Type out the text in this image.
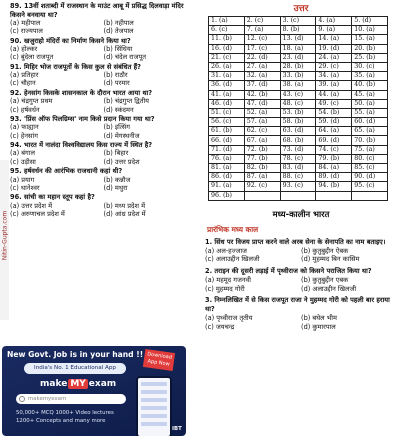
Nitin-Gupta.com
89. 13वीं शताब्दी में राजस्थान के माउंट आबू में प्रसिद्ध दिलवाड़ा मंदिर किसने बनवाया था?
(a) महीपाल	(b) नहीपाल
(c) राज्यपाल	(d) तेजपाल
90. खजुराहो मंदिरों का निर्माण किसने किया था?
(a) होल्कर	(b) सिंधिया
(c) बुंदेला राजपूत	(d) चंदेल राजपूत
91. मिहिर भोज राजपूतों के किस कुल से संबंधित हैं?
(a) प्रतिहार	(b) राठौर
(c) चौहान	(d) परमार
92. हेनसांग किसके शासनकाल के दौरान भारत आया था?
(a) चंद्रगुप्त प्रथम	(b) चंद्रगुप्त द्वितीय
(c) हर्षवर्धन	(d) स्कंदमन
93. 'प्रिंस ऑफ पिलग्रिम्स' नाम किसे प्रदान किया गया था?
(a) फाह्यान	(b) इत्सिंग
(c) हेनसांग	(d) मेगस्थनीज
94. भारत में नालंदा विश्वविद्यालय किस राज्य में स्थित है?
(a) बंगाल	(b) बिहार
(c) उड़ीसा	(d) उत्तर प्रदेश
95. हर्षवर्धन की आरंभिक राजधानी कहां थी?
(a) प्रयाग	(b) कन्नौज
(c) थानेश्वर	(d) मथुरा
96. सांची का महान स्तूप कहां है?
(a) उत्तर प्रदेश में	(b) मध्य प्रदेश में
(c) अरुणाचल प्रदेश में	(d) आंध्र प्रदेश में
New Govt. Job is in your hand !!
India's No. 1 Educational App
make MY exam
makemyexam
50,000+ MCQ 1000+ Video lectures
1200+ Concepts and many more
Download App Now
IBT
उत्तर
1. (a)	2. (c)	3. (c)	4. (a)	5. (d)
6. (c)	7. (a)	8. (b)	9. (a)	10. (a)
11. (b)	12. (c)	13. (d)	14. (a)	15. (a)
16. (d)	17. (c)	18. (a)	19. (d)	20. (b)
21. (c)	22. (d)	23. (d)	24. (a)	25. (b)
26. (a)	27. (a)	28. (b)	29. (c)	30. (c)
31. (a)	32. (a)	33. (b)	34. (a)	35. (a)
36. (d)	37. (d)	38. (a)	39. (a)	40. (b)
41. (a)	42. (b)	43. (c)	44. (a)	45. (a)
46. (d)	47. (d)	48. (c)	49. (c)	50. (a)
51. (c)	52. (a)	53. (b)	54. (b)	55. (a)
56. (c)	57. (a)	58. (b)	59. (d)	60. (d)
61. (b)	62. (c)	63. (d)	64. (a)	65. (a)
66. (d)	67. (a)	68. (b)	69. (d)	70. (b)
71. (d)	72. (b)	73. (d)	74. (c)	75. (a)
76. (a)	77. (b)	78. (c)	79. (b)	80. (c)
81. (a)	82. (b)	83. (d)	84. (a)	85. (c)
86. (d)	87. (a)	88. (c)	89. (d)	90. (d)
91. (a)	92. (c)	93. (c)	94. (b)	95. (c)
96. (b)				
मध्य-कालीन भारत
प्रारंभिक मध्य काल
1. सिंध पर विजय प्राप्त करने वाले अरब सेना के सेनापति का नाम बताइए।
(a) अल-हज्जाज	(b) कुतुबुद्दीन ऐबक
(c) अलाउद्दीन खिलजी	(d) मुहम्मद बिन कासिम
2. तराइन की दूसरी लड़ाई में पृथ्वीराज को किसने पराजित किया था?
(a) महमूद गजनवी	(b) कुतुबुद्दीन एबक
(c) मुहम्मद गोरी	(d) अलाउद्दीन खिलजी
3. निम्नलिखित में से किस राजपूत राजा ने मुहम्मद गोरी को पहली बार हराया था?
(a) पृथ्वीराज तृतीय	(b) बघेल भीम
(c) जयचन्द्र	(d) कुमारपाल
